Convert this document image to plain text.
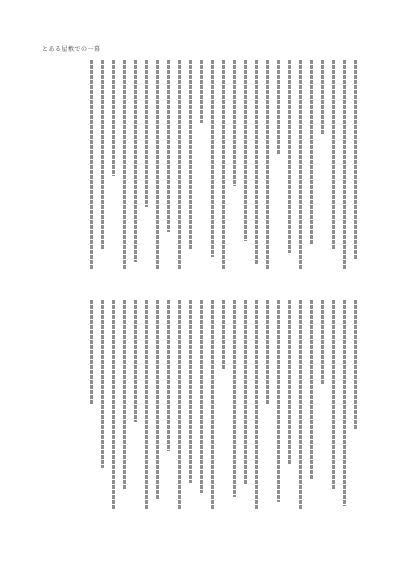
とある屋敷での一幕
